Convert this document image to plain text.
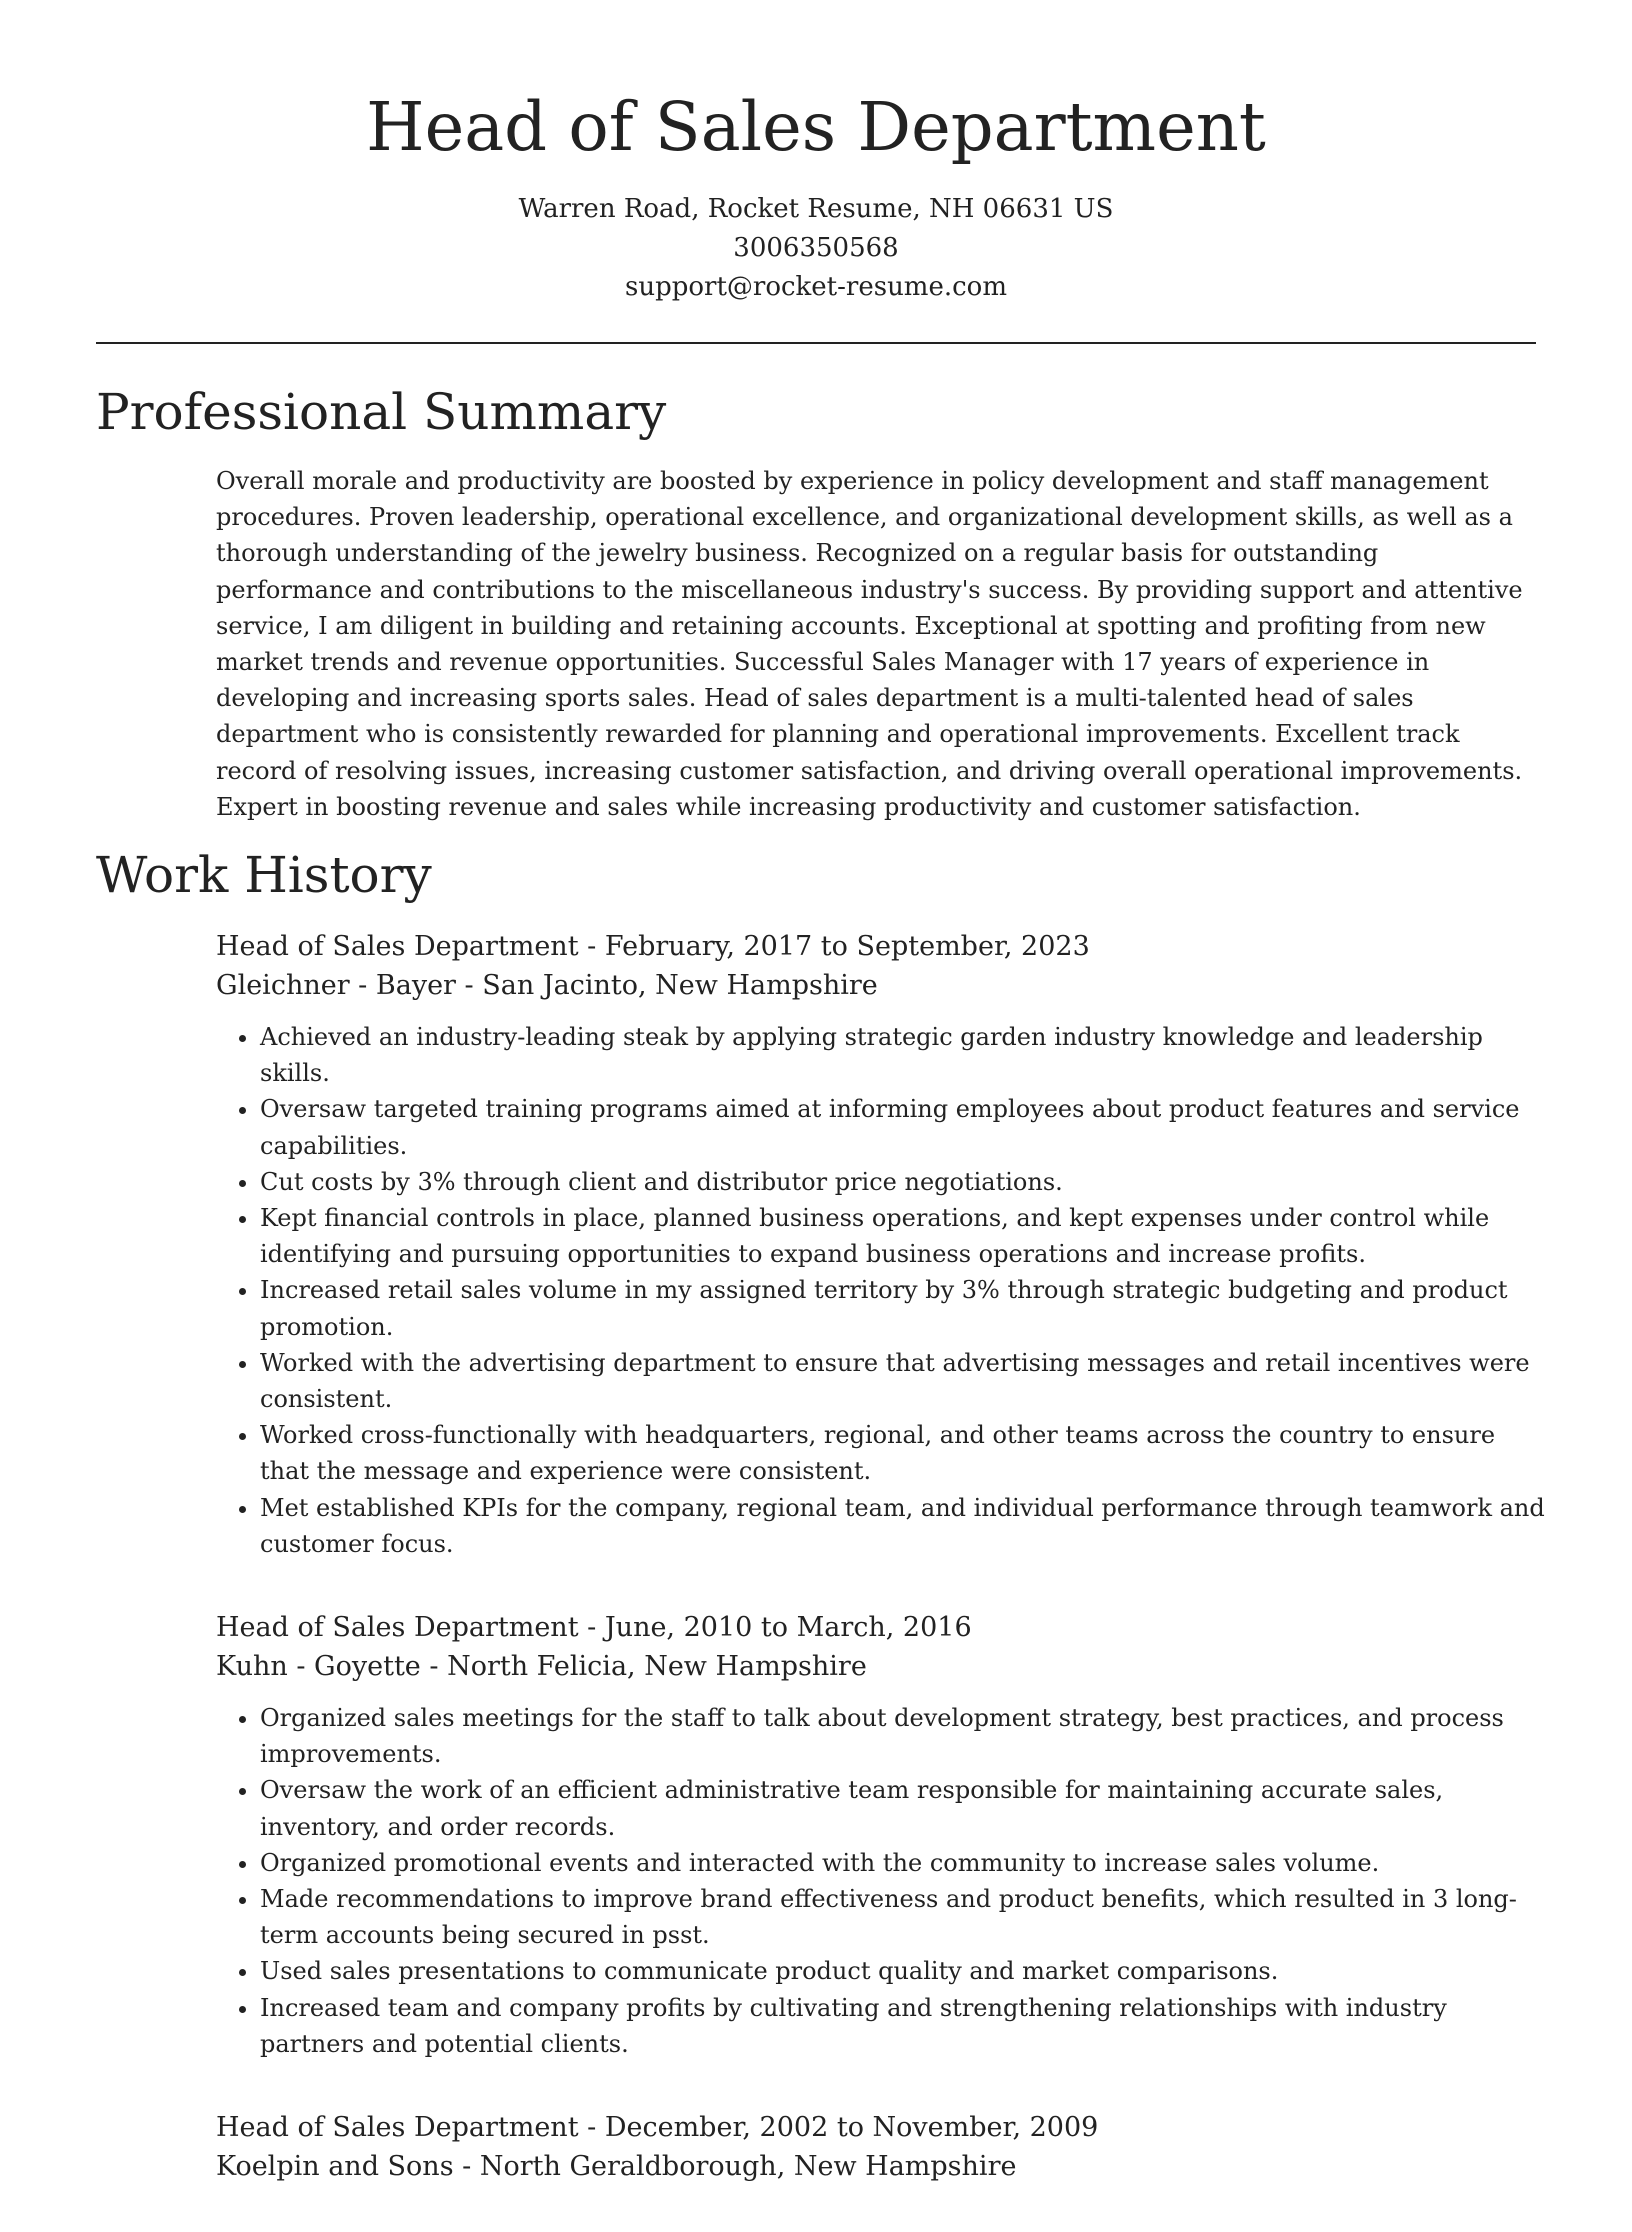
Head of Sales Department

Warren Road, Rocket Resume, NH 06631 US

3006350568

support@rocket-resume.com

Professional Summary

Overall morale and productivity are boosted by experience in policy development and staff management procedures. Proven leadership, operational excellence, and organizational development skills, as well as a thorough understanding of the jewelry business. Recognized on a regular basis for outstanding performance and contributions to the miscellaneous industry's success. By providing support and attentive service, I am diligent in building and retaining accounts. Exceptional at spotting and profiting from new market trends and revenue opportunities. Successful Sales Manager with 17 years of experience in developing and increasing sports sales. Head of sales department is a multi-talented head of sales department who is consistently rewarded for planning and operational improvements. Excellent track record of resolving issues, increasing customer satisfaction, and driving overall operational improvements. Expert in boosting revenue and sales while increasing productivity and customer satisfaction.

Work History

Head of Sales Department - February, 2017 to September, 2023

Gleichner - Bayer - San Jacinto, New Hampshire

• Achieved an industry-leading steak by applying strategic garden industry knowledge and leadership skills.
• Oversaw targeted training programs aimed at informing employees about product features and service capabilities.
• Cut costs by 3% through client and distributor price negotiations.
• Kept financial controls in place, planned business operations, and kept expenses under control while identifying and pursuing opportunities to expand business operations and increase profits.
• Increased retail sales volume in my assigned territory by 3% through strategic budgeting and product promotion.
• Worked with the advertising department to ensure that advertising messages and retail incentives were consistent.
• Worked cross-functionally with headquarters, regional, and other teams across the country to ensure that the message and experience were consistent.
• Met established KPIs for the company, regional team, and individual performance through teamwork and customer focus.

Head of Sales Department - June, 2010 to March, 2016

Kuhn - Goyette - North Felicia, New Hampshire

• Organized sales meetings for the staff to talk about development strategy, best practices, and process improvements.
• Oversaw the work of an efficient administrative team responsible for maintaining accurate sales, inventory, and order records.
• Organized promotional events and interacted with the community to increase sales volume.
• Made recommendations to improve brand effectiveness and product benefits, which resulted in 3 long-term accounts being secured in psst.
• Used sales presentations to communicate product quality and market comparisons.
• Increased team and company profits by cultivating and strengthening relationships with industry partners and potential clients.

Head of Sales Department - December, 2002 to November, 2009

Koelpin and Sons - North Geraldborough, New Hampshire
